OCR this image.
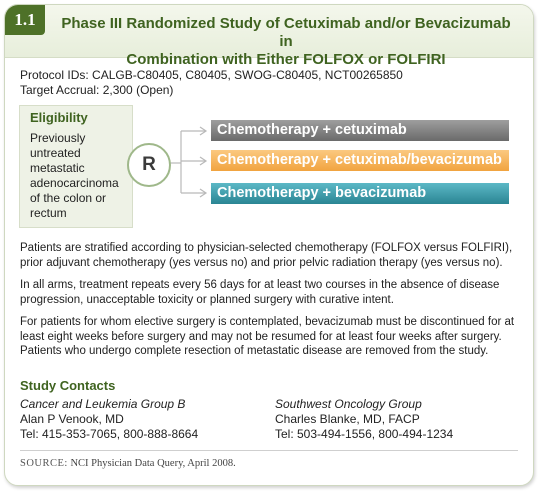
1.1	Phase III Randomized Study of Cetuximab and/or Bevacizumab in
Combination with Either FOLFOX or FOLFIRI
Protocol IDs: CALGB-C80405, C80405, SWOG-C80405, NCT00265850
Target Accrual: 2,300 (Open)
Eligibility
Previously
untreated
metastatic
adenocarcinoma
of the colon or
rectum
R
Chemotherapy + cetuximab
Chemotherapy + cetuximab/bevacizumab
Chemotherapy + bevacizumab
Patients are stratified according to physician-selected chemotherapy (FOLFOX versus FOLFIRI), prior adjuvant chemotherapy (yes versus no) and prior pelvic radiation therapy (yes versus no).
In all arms, treatment repeats every 56 days for at least two courses in the absence of disease progression, unacceptable toxicity or planned surgery with curative intent.
For patients for whom elective surgery is contemplated, bevacizumab must be discontinued for at least eight weeks before surgery and may not be resumed for at least four weeks after surgery. Patients who undergo complete resection of metastatic disease are removed from the study.
Study Contacts
Cancer and Leukemia Group B
Alan P Venook, MD
Tel: 415-353-7065, 800-888-8664
Southwest Oncology Group
Charles Blanke, MD, FACP
Tel: 503-494-1556, 800-494-1234
SOURCE: NCI Physician Data Query, April 2008.
